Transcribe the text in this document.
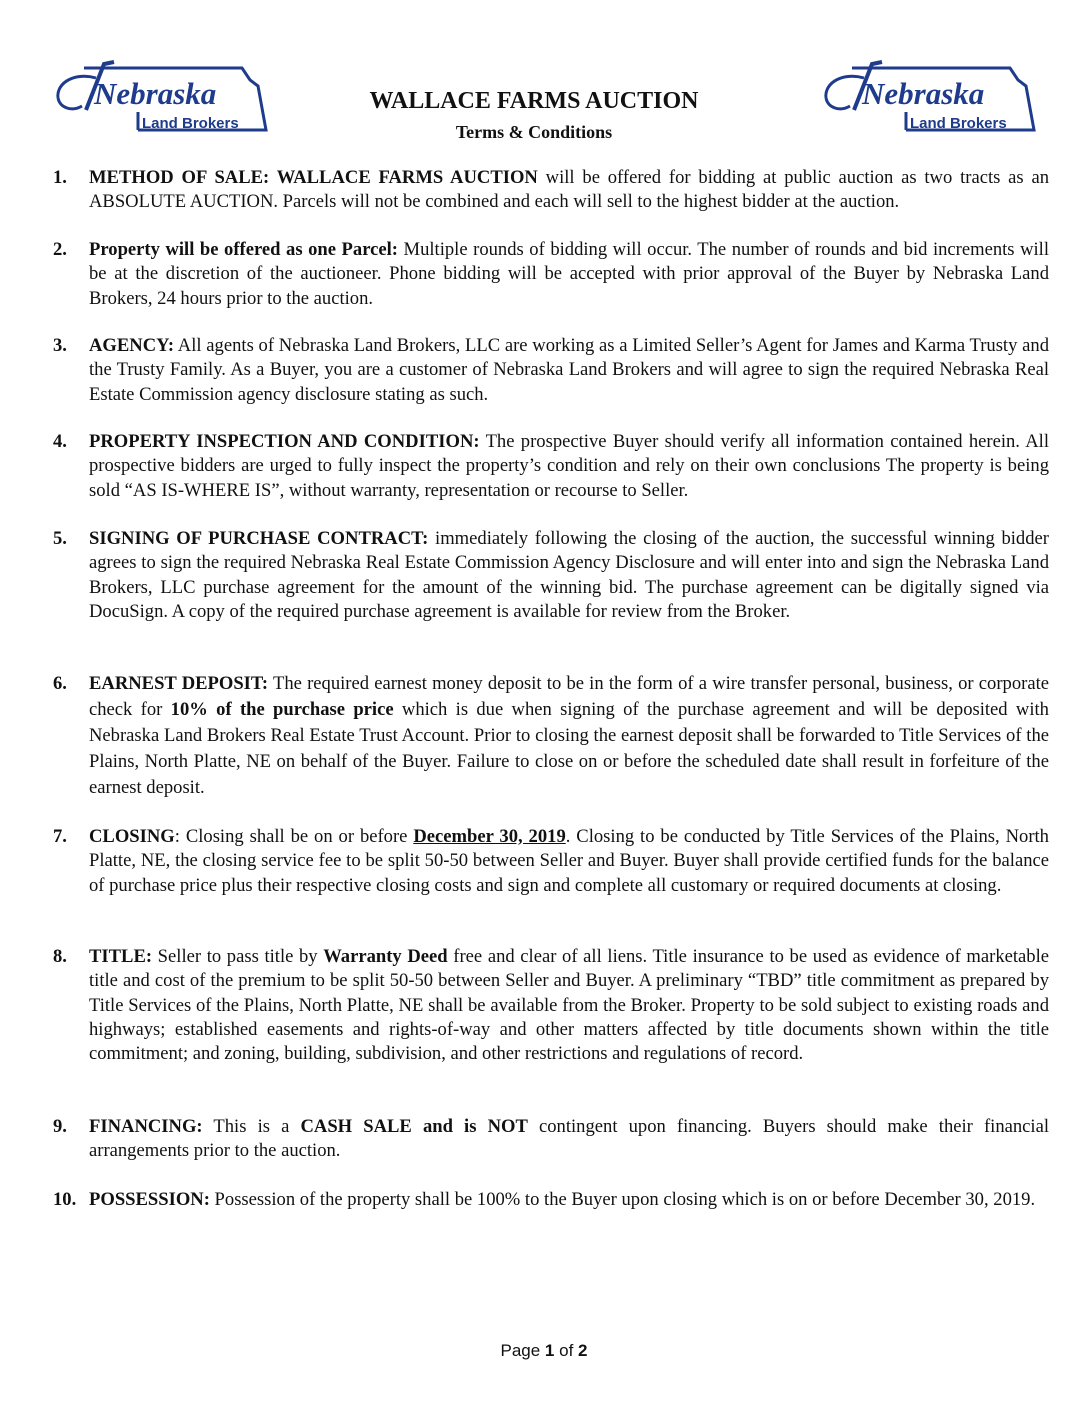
Nebraska
Land Brokers
Nebraska
Land Brokers
WALLACE FARMS AUCTION
Terms & Conditions
1. METHOD OF SALE: WALLACE FARMS AUCTION will be offered for bidding at public auction as two tracts as an ABSOLUTE AUCTION. Parcels will not be combined and each will sell to the highest bidder at the auction.
2. Property will be offered as one Parcel: Multiple rounds of bidding will occur. The number of rounds and bid increments will be at the discretion of the auctioneer. Phone bidding will be accepted with prior approval of the Buyer by Nebraska Land Brokers, 24 hours prior to the auction.
3. AGENCY: All agents of Nebraska Land Brokers, LLC are working as a Limited Seller’s Agent for James and Karma Trusty and the Trusty Family. As a Buyer, you are a customer of Nebraska Land Brokers and will agree to sign the required Nebraska Real Estate Commission agency disclosure stating as such.
4. PROPERTY INSPECTION AND CONDITION: The prospective Buyer should verify all information contained herein. All prospective bidders are urged to fully inspect the property’s condition and rely on their own conclusions The property is being sold “AS IS-WHERE IS”, without warranty, representation or recourse to Seller.
5. SIGNING OF PURCHASE CONTRACT: immediately following the closing of the auction, the successful winning bidder agrees to sign the required Nebraska Real Estate Commission Agency Disclosure and will enter into and sign the Nebraska Land Brokers, LLC purchase agreement for the amount of the winning bid. The purchase agreement can be digitally signed via DocuSign. A copy of the required purchase agreement is available for review from the Broker.
6. EARNEST DEPOSIT: The required earnest money deposit to be in the form of a wire transfer personal, business, or corporate check for 10% of the purchase price which is due when signing of the purchase agreement and will be deposited with Nebraska Land Brokers Real Estate Trust Account. Prior to closing the earnest deposit shall be forwarded to Title Services of the Plains, North Platte, NE on behalf of the Buyer. Failure to close on or before the scheduled date shall result in forfeiture of the earnest deposit.
7. CLOSING: Closing shall be on or before December 30, 2019. Closing to be conducted by Title Services of the Plains, North Platte, NE, the closing service fee to be split 50-50 between Seller and Buyer. Buyer shall provide certified funds for the balance of purchase price plus their respective closing costs and sign and complete all customary or required documents at closing.
8. TITLE: Seller to pass title by Warranty Deed free and clear of all liens. Title insurance to be used as evidence of marketable title and cost of the premium to be split 50-50 between Seller and Buyer. A preliminary “TBD” title commitment as prepared by Title Services of the Plains, North Platte, NE shall be available from the Broker. Property to be sold subject to existing roads and highways; established easements and rights-of-way and other matters affected by title documents shown within the title commitment; and zoning, building, subdivision, and other restrictions and regulations of record.
9. FINANCING: This is a CASH SALE and is NOT contingent upon financing. Buyers should make their financial arrangements prior to the auction.
10. POSSESSION: Possession of the property shall be 100% to the Buyer upon closing which is on or before December 30, 2019.
Page 1 of 2
